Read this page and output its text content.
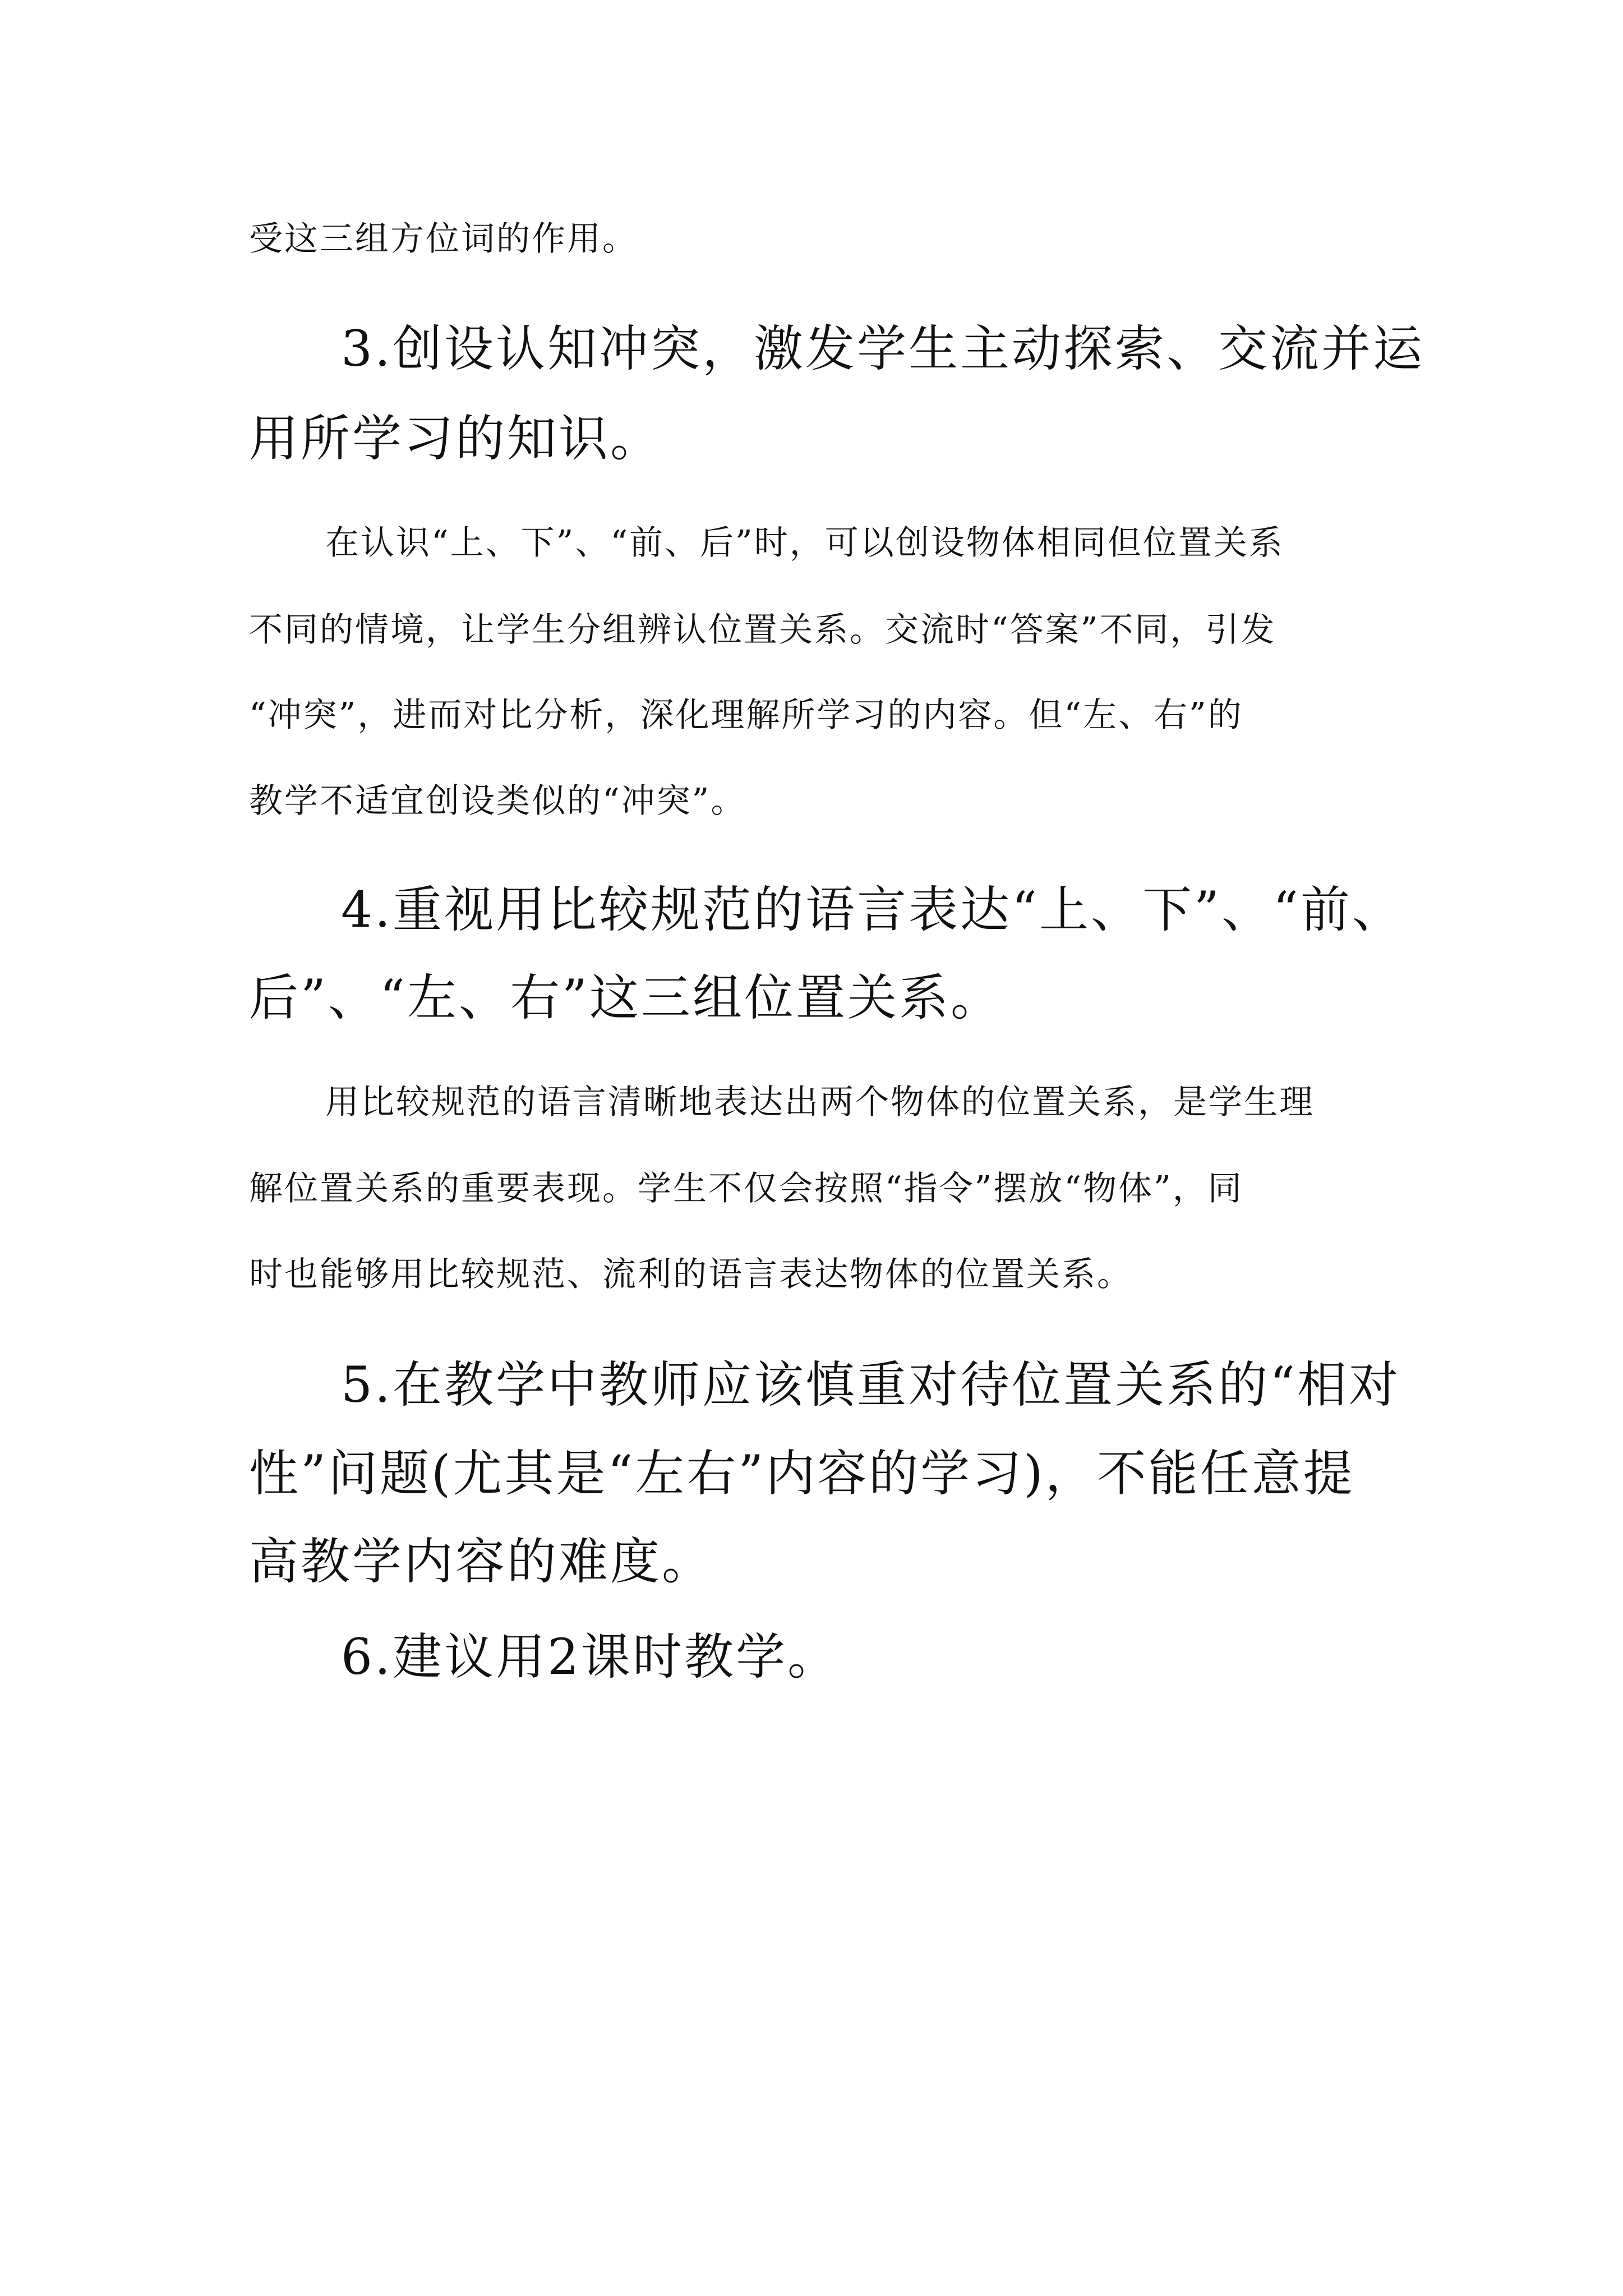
受这三组方位词的作用。

3.创设认知冲突，激发学生主动探索、交流并运

用所学习的知识。

在认识“上、下”、“前、后”时，可以创设物体相同但位置关系

不同的情境，让学生分组辨认位置关系。交流时“答案”不同，引发

“冲突”，进而对比分析，深化理解所学习的内容。但“左、右”的

教学不适宜创设类似的“冲突”。

4.重视用比较规范的语言表达“上、下”、“前、

后”、“左、右”这三组位置关系。

用比较规范的语言清晰地表达出两个物体的位置关系，是学生理

解位置关系的重要表现。学生不仅会按照“指令”摆放“物体”，同

时也能够用比较规范、流利的语言表达物体的位置关系。

5.在教学中教师应该慎重对待位置关系的“相对

性”问题(尤其是“左右”内容的学习)，不能任意提

高教学内容的难度。

6.建议用2课时教学。
